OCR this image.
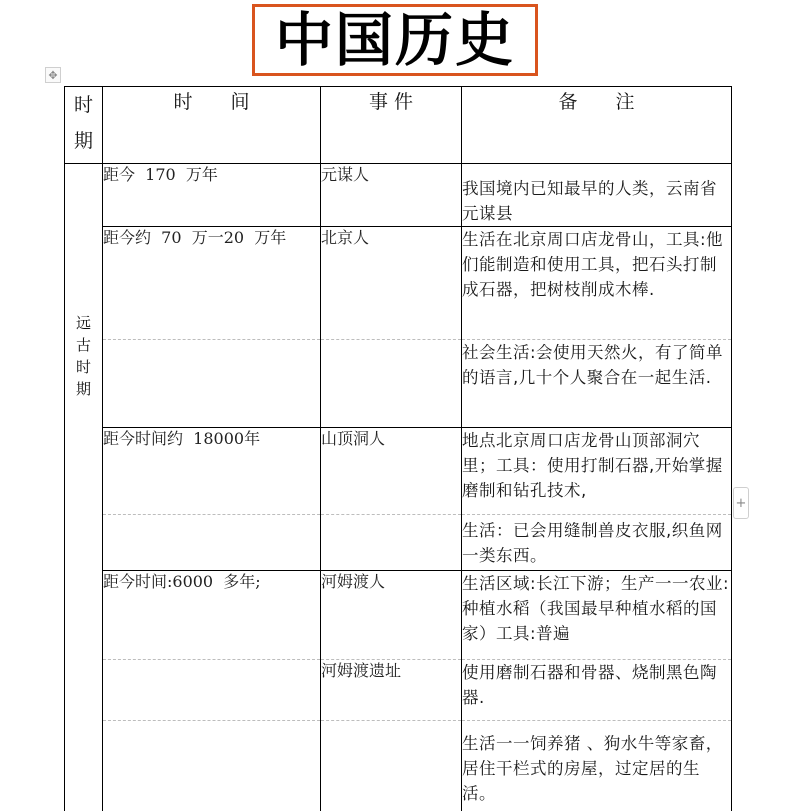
中国历史
✥
+
时期	时　　间	事 件	备　　注

远古时期	距今  170  万年	元谋人	我国境内已知最早的人类，云南省元谋县
	距今约  70  万一20  万年	北京人	生活在北京周口店龙骨山，工具:他们能制造和使用工具，把石头打制成石器，把树枝削成木棒.
			社会生活:会使用天然火，有了简单的语言,几十个人聚合在一起生活.
	距今时间约  18000年	山顶洞人	地点北京周口店龙骨山顶部洞穴里；工具：使用打制石器,开始掌握磨制和钻孔技术,
			生活：已会用缝制兽皮衣服,织鱼网一类东西。
	距今时间:6000  多年;	河姆渡人	生活区域:长江下游；生产一一农业:种植水稻（我国最早种植水稻的国家）工具:普遍
		河姆渡遗址	使用磨制石器和骨器、烧制黑色陶器.
			生活一一饲养猪 、狗水牛等家畜，居住干栏式的房屋，过定居的生活。
